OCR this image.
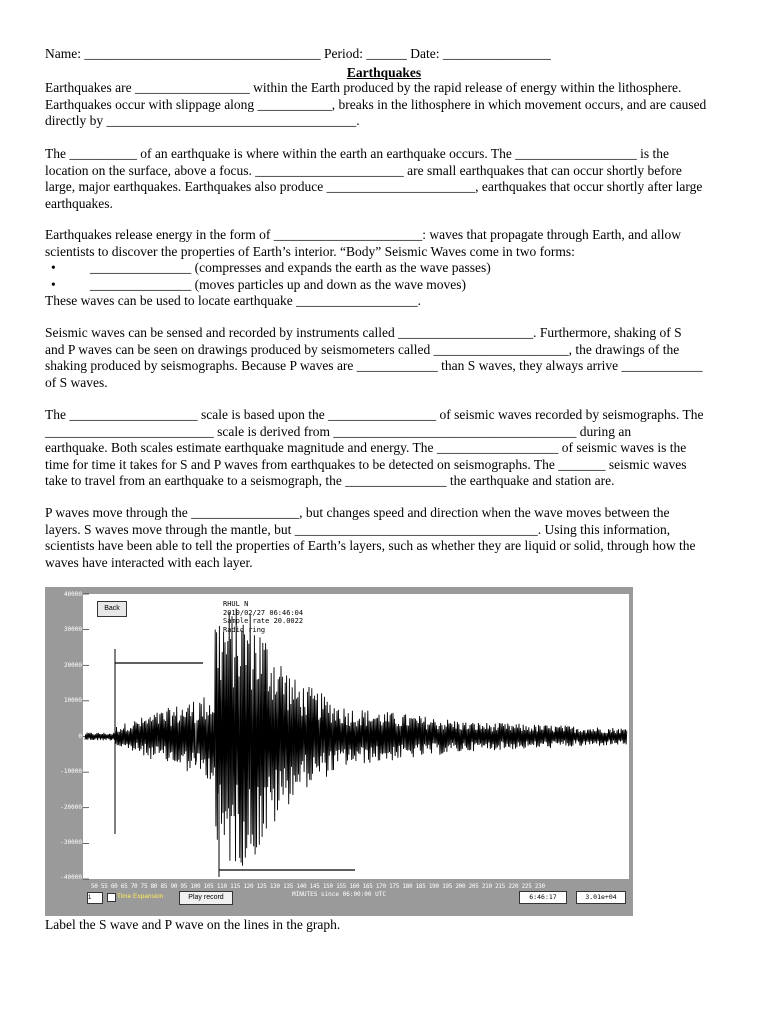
Name: ___________________________________ Period: ______ Date: ________________
Earthquakes

Earthquakes are _________________ within the Earth produced by the rapid release of energy within the lithosphere.
Earthquakes occur with slippage along ___________, breaks in the lithosphere in which movement occurs, and are caused
directly by _____________________________________.

The __________ of an earthquake is where within the earth an earthquake occurs. The __________________ is the
location on the surface, above a focus. ______________________ are small earthquakes that can occur shortly before
large, major earthquakes. Earthquakes also produce ______________________, earthquakes that occur shortly after large
earthquakes.

Earthquakes release energy in the form of ______________________: waves that propagate through Earth, and allow
scientists to discover the properties of Earth’s interior. “Body” Seismic Waves come in two forms:
• _______________ (compresses and expands the earth as the wave passes)
• _______________ (moves particles up and down as the wave moves)
These waves can be used to locate earthquake __________________.

Seismic waves can be sensed and recorded by instruments called ____________________. Furthermore, shaking of S
and P waves can be seen on drawings produced by seismometers called ____________________, the drawings of the
shaking produced by seismographs. Because P waves are ____________ than S waves, they always arrive ____________
of S waves.

The ___________________ scale is based upon the ________________ of seismic waves recorded by seismographs. The
_________________________ scale is derived from ____________________________________ during an
earthquake. Both scales estimate earthquake magnitude and energy. The __________________ of seismic waves is the
time for time it takes for S and P waves from earthquakes to be detected on seismographs. The _______ seismic waves
take to travel from an earthquake to a seismograph, the _______________ the earthquake and station are.

P waves move through the ________________, but changes speed and direction when the wave moves between the
layers. S waves move through the mantle, but ____________________________________. Using this information,
scientists have been able to tell the properties of Earth’s layers, such as whether they are liquid or solid, through how the
waves have interacted with each layer.

Back
RHUL N
2010/02/27 06:46:04
Sample rate 20.0022
Radio ring
40000
30000
20000
10000
0
-10000
-20000
-30000
-40000
50 55 60 65 70 75 80 85 90 95 100 105 110 115 120 125 130 135 140 145 150 155 160 165 170 175 180 185 190 195 200 205 210 215 220 225 230
MINUTES since 06:00:00 UTC
1	Time Expansion	Play record	6:46:17	3.01e+04
Label the S wave and P wave on the lines in the graph.
